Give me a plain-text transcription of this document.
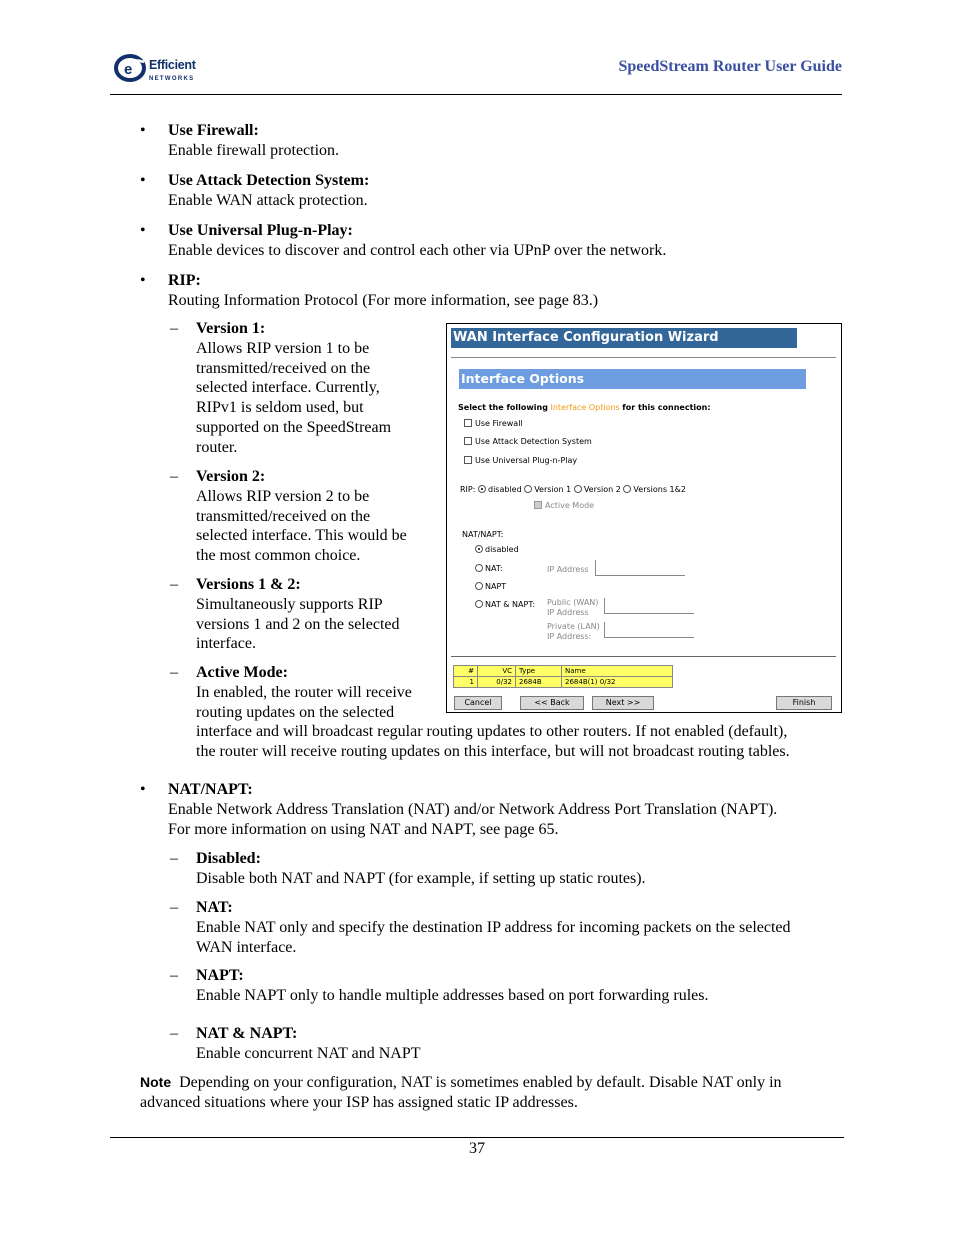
e Efficient
NETWORKS
SpeedStream Router User Guide
• Use Firewall:
Enable firewall protection.
• Use Attack Detection System:
Enable WAN attack protection.
• Use Universal Plug-n-Play:
Enable devices to discover and control each other via UPnP over the network.
• RIP:
Routing Information Protocol (For more information, see page 83.)
– Version 1:
Allows RIP version 1 to be
transmitted/received on the
selected interface. Currently,
RIPv1 is seldom used, but
supported on the SpeedStream
router.
– Version 2:
Allows RIP version 2 to be
transmitted/received on the
selected interface. This would be
the most common choice.
– Versions 1 & 2:
Simultaneously supports RIP
versions 1 and 2 on the selected
interface.
– Active Mode:
In enabled, the router will receive
routing updates on the selected
interface and will broadcast regular routing updates to other routers. If not enabled (default),
the router will receive routing updates on this interface, but will not broadcast routing tables.
WAN Interface Configuration Wizard
Interface Options
Select the following Interface Options for this connection:
Use Firewall
Use Attack Detection System
Use Universal Plug-n-Play
RIP: disabled Version 1 Version 2 Versions 1&2
Active Mode
NAT/NAPT:
disabled
NAT:	IP Address
NAPT
NAT & NAPT: Public (WAN)
IP Address
Private (LAN)
IP Address:
#	VC	Type	Name
1	0/32	2684B	2684B(1) 0/32
Cancel	<< Back	Next >>	Finish
• NAT/NAPT:
Enable Network Address Translation (NAT) and/or Network Address Port Translation (NAPT).
For more information on using NAT and NAPT, see page 65.
– Disabled:
Disable both NAT and NAPT (for example, if setting up static routes).
– NAT:
Enable NAT only and specify the destination IP address for incoming packets on the selected
WAN interface.
– NAPT:
Enable NAPT only to handle multiple addresses based on port forwarding rules.
– NAT & NAPT:
Enable concurrent NAT and NAPT
Note Depending on your configuration, NAT is sometimes enabled by default. Disable NAT only in
advanced situations where your ISP has assigned static IP addresses.
37
